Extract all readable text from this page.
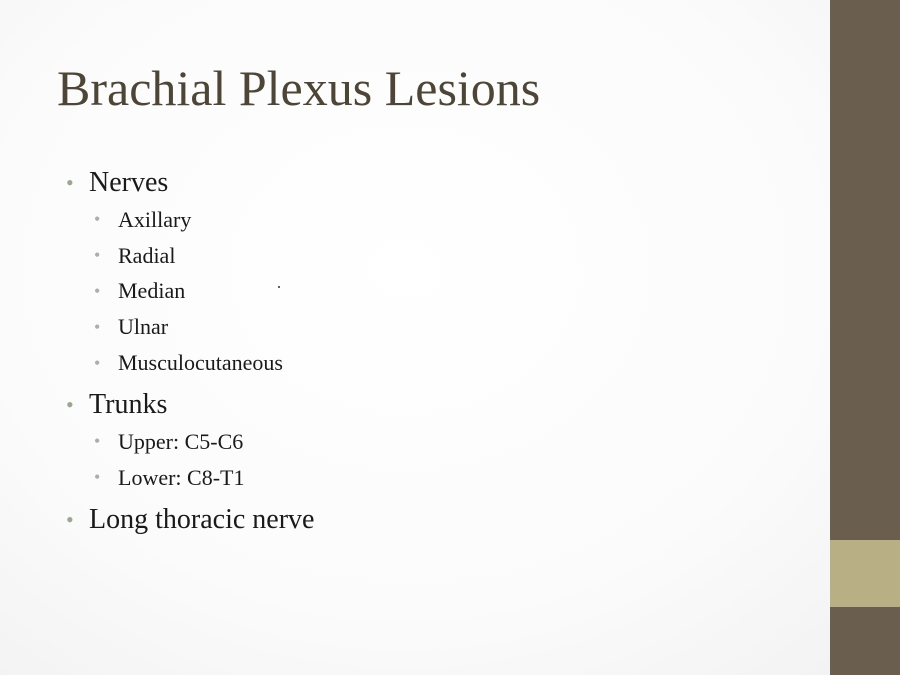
Brachial Plexus Lesions
• Nerves
• Axillary
• Radial
• Median
• Ulnar
• Musculocutaneous
• Trunks
• Upper: C5-C6
• Lower: C8-T1
• Long thoracic nerve
